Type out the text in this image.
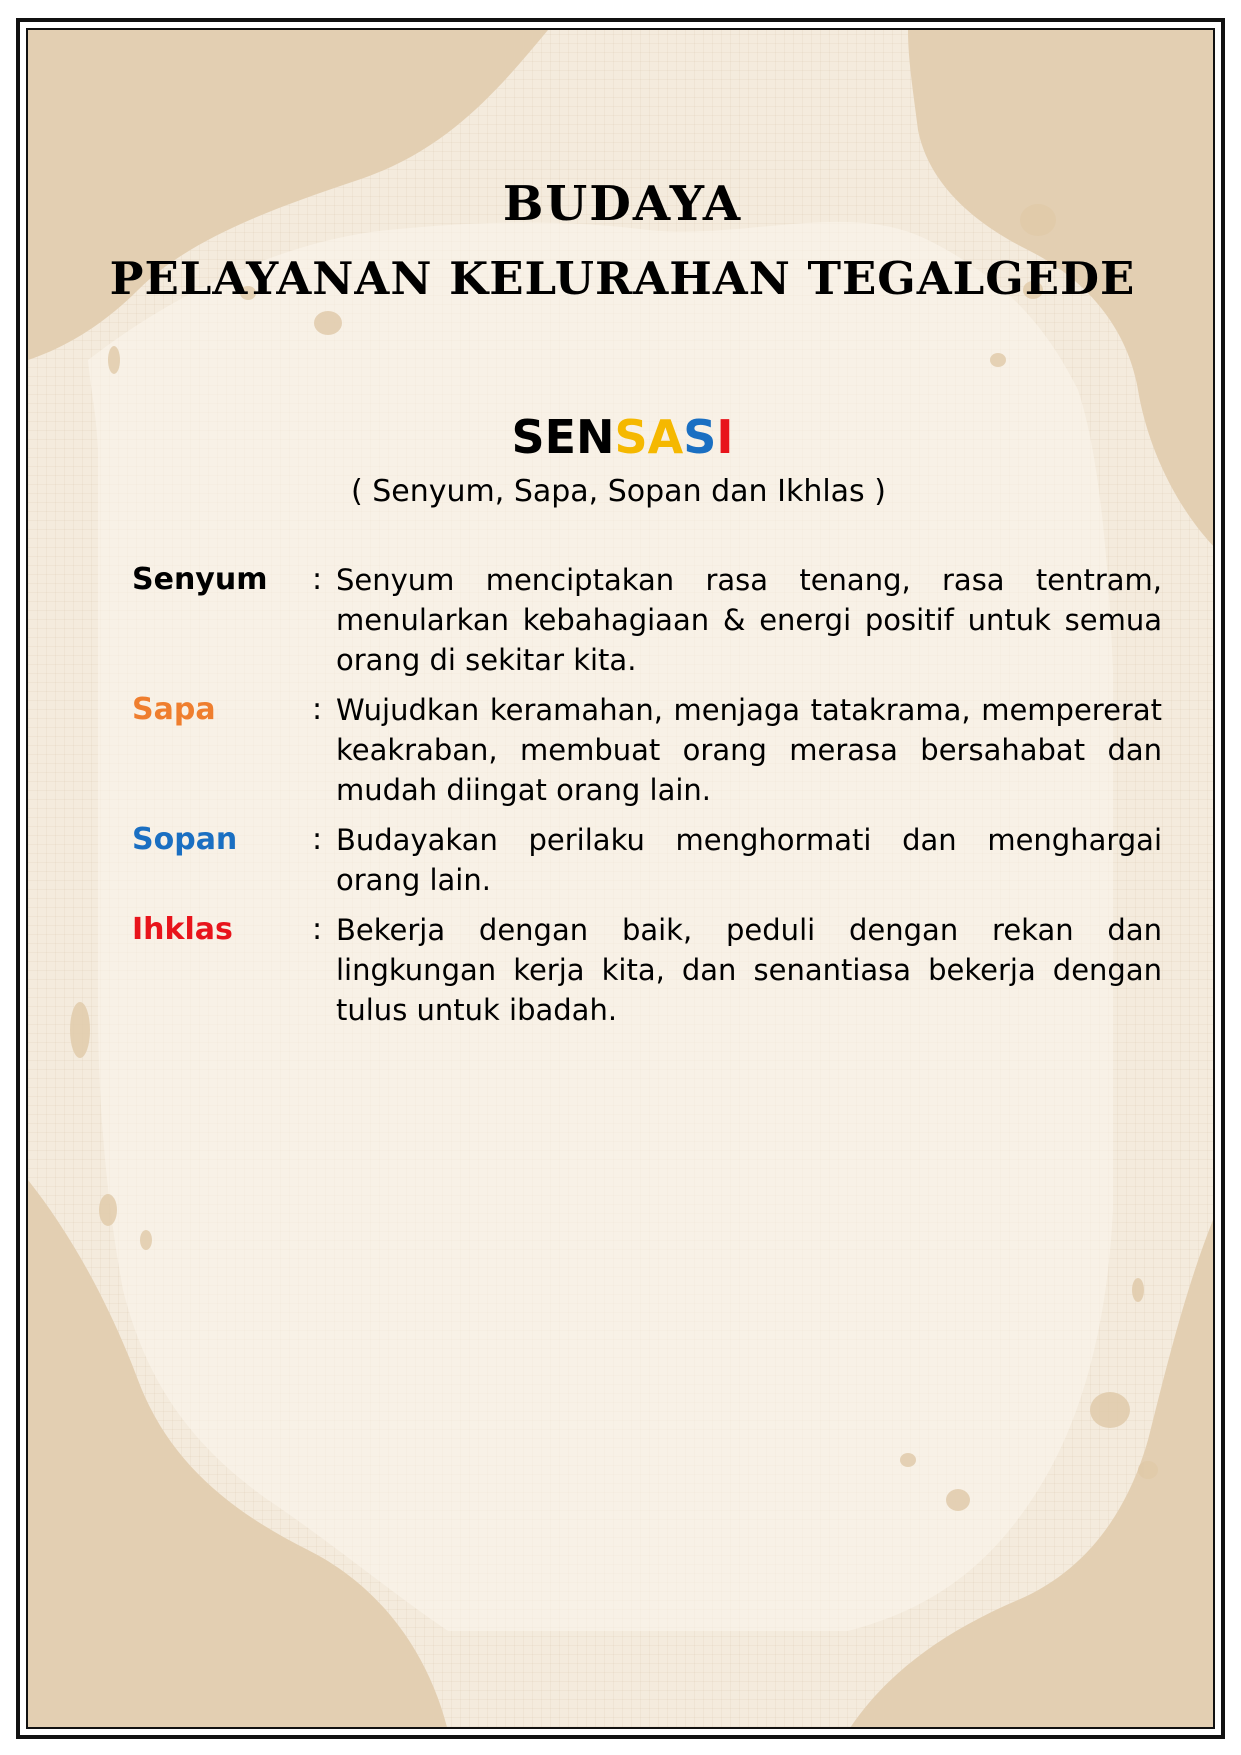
BUDAYA
PELAYANAN KELURAHAN TEGALGEDE
SENSASI
( Senyum, Sapa, Sopan dan Ikhlas )
Senyum : Senyum menciptakan rasa tenang, rasa tentram, menularkan kebahagiaan & energi positif untuk semua orang di sekitar kita.
Sapa	: Wujudkan keramahan, menjaga tatakrama, mempererat keakraban, membuat orang merasa bersahabat dan mudah diingat orang lain.
Sopan : Budayakan perilaku menghormati dan menghargai orang lain.
Ihklas	: Bekerja dengan baik, peduli dengan rekan dan lingkungan kerja kita, dan senantiasa bekerja dengan tulus untuk ibadah.
